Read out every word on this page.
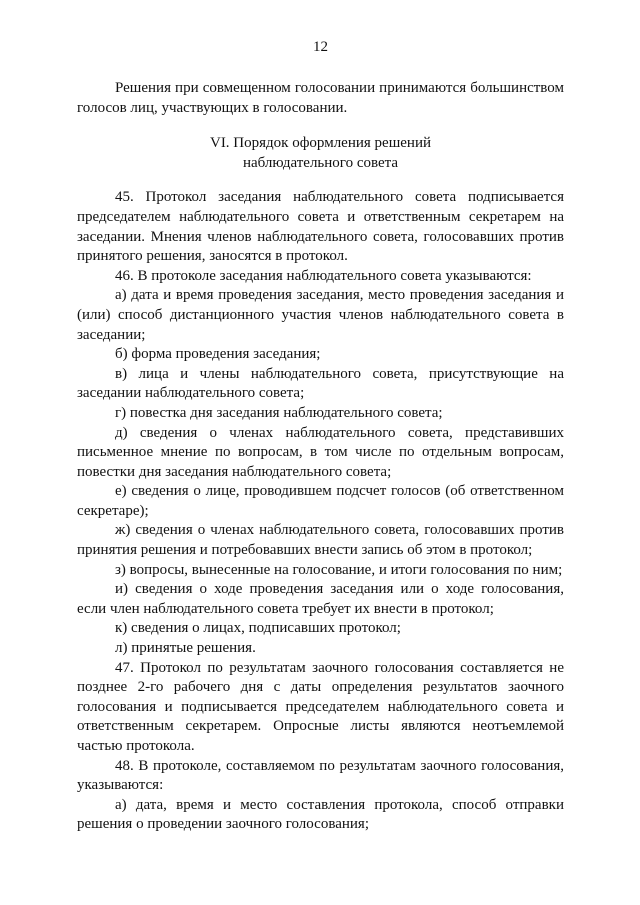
12

Решения при совмещенном голосовании принимаются большинством голосов лиц, участвующих в голосовании.

VI. Порядок оформления решений
наблюдательного совета

45. Протокол заседания наблюдательного совета подписывается председателем наблюдательного совета и ответственным секретарем на заседании. Мнения членов наблюдательного совета, голосовавших против принятого решения, заносятся в протокол.

46. В протоколе заседания наблюдательного совета указываются:

а) дата и время проведения заседания, место проведения заседания и (или) способ дистанционного участия членов наблюдательного совета в заседании;

б) форма проведения заседания;

в) лица и члены наблюдательного совета, присутствующие на заседании наблюдательного совета;

г) повестка дня заседания наблюдательного совета;

д) сведения о членах наблюдательного совета, представивших письменное мнение по вопросам, в том числе по отдельным вопросам, повестки дня заседания наблюдательного совета;

е) сведения о лице, проводившем подсчет голосов (об ответственном секретаре);

ж) сведения о членах наблюдательного совета, голосовавших против принятия решения и потребовавших внести запись об этом в протокол;

з) вопросы, вынесенные на голосование, и итоги голосования по ним;

и) сведения о ходе проведения заседания или о ходе голосования, если член наблюдательного совета требует их внести в протокол;

к) сведения о лицах, подписавших протокол;

л) принятые решения.

47. Протокол по результатам заочного голосования составляется не позднее 2-го рабочего дня с даты определения результатов заочного голосования и подписывается председателем наблюдательного совета и ответственным секретарем. Опросные листы являются неотъемлемой частью протокола.

48. В протоколе, составляемом по результатам заочного голосования, указываются:

а) дата, время и место составления протокола, способ отправки решения о проведении заочного голосования;
